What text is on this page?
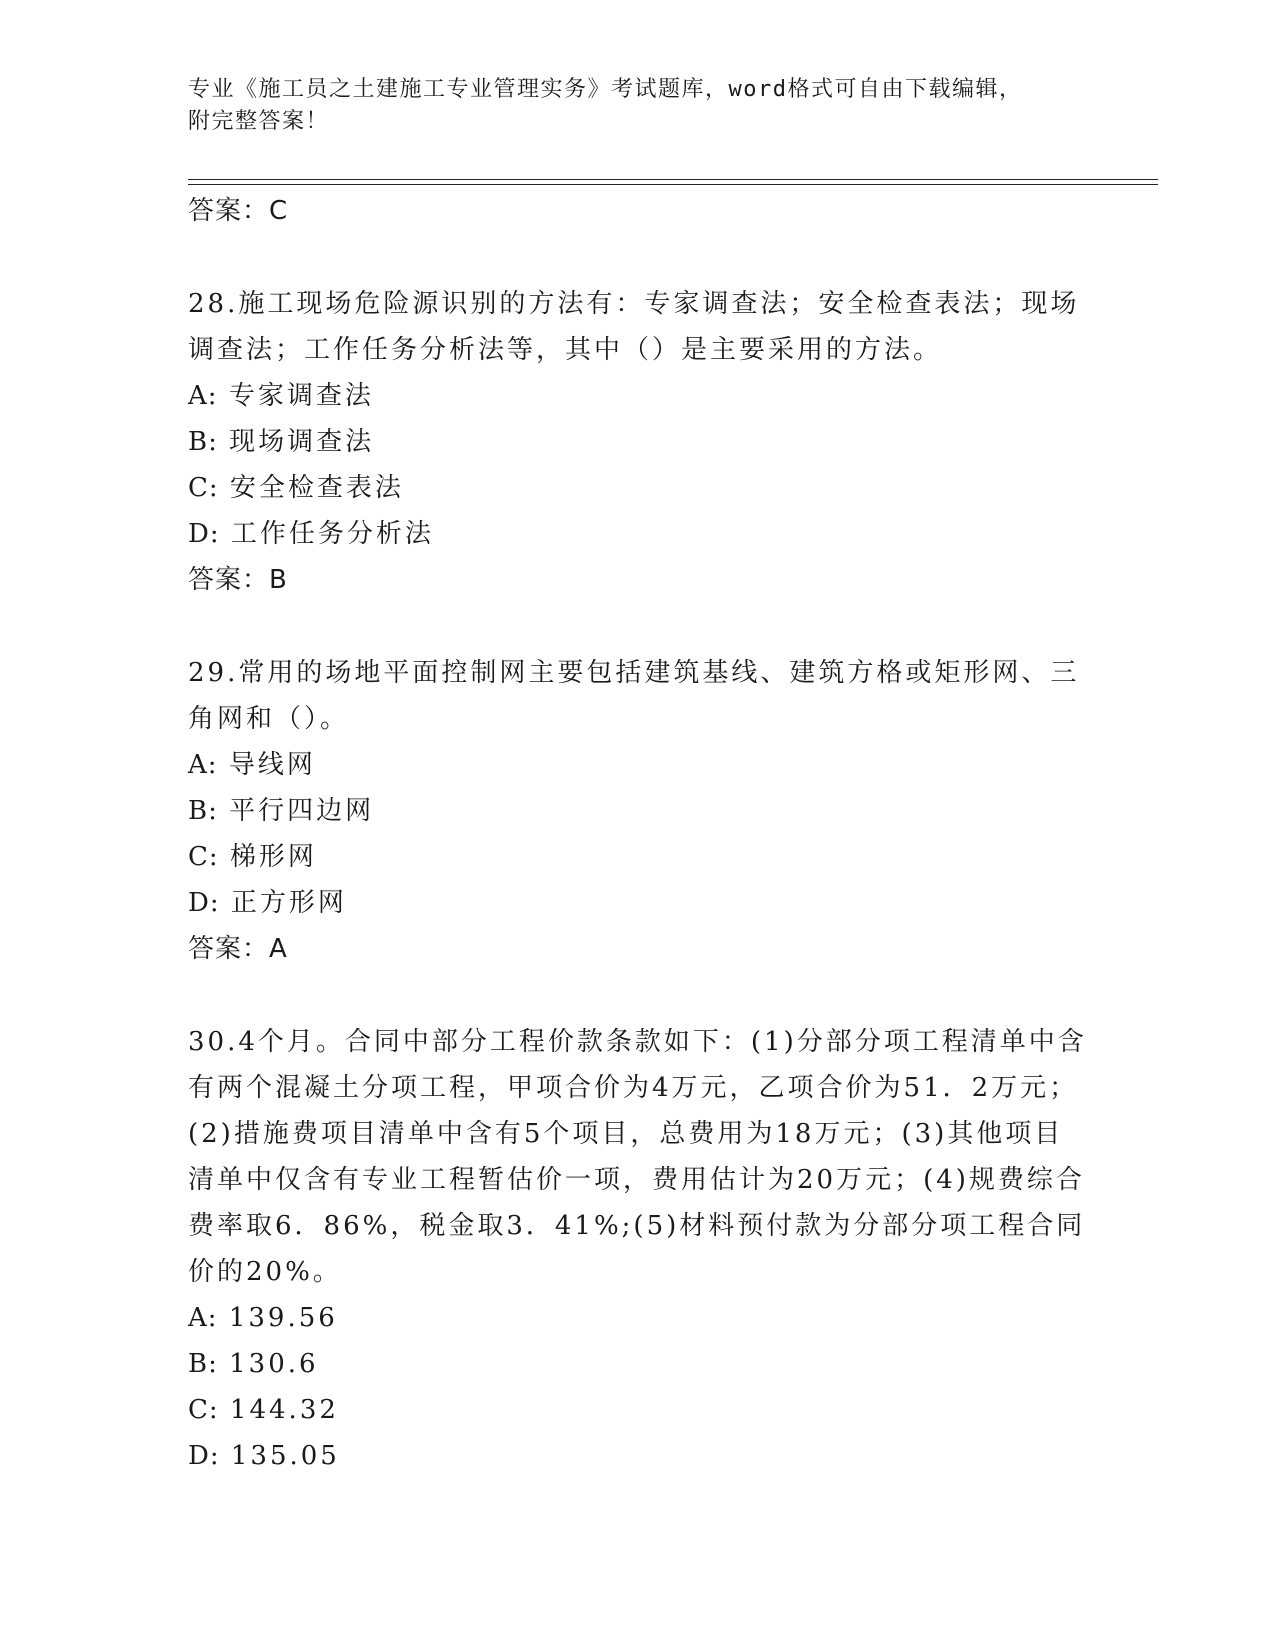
专业《施工员之土建施工专业管理实务》考试题库，word格式可自由下载编辑，
附完整答案！

答案：C

28.施工现场危险源识别的方法有：专家调查法；安全检查表法；现场调查法；工作任务分析法等，其中（）是主要采用的方法。

A: 专家调查法

B: 现场调查法

C: 安全检查表法

D: 工作任务分析法

答案：B

29.常用的场地平面控制网主要包括建筑基线、建筑方格或矩形网、三角网和（）。

A: 导线网

B: 平行四边网

C: 梯形网

D: 正方形网

答案：A

30.4个月。合同中部分工程价款条款如下：(1)分部分项工程清单中含有两个混凝土分项工程，甲项合价为4万元，乙项合价为51．2万元；(2)措施费项目清单中含有5个项目，总费用为18万元；(3)其他项目清单中仅含有专业工程暂估价一项，费用估计为20万元；(4)规费综合费率取6．86%，税金取3．41%;(5)材料预付款为分部分项工程合同价的20%。

A: 139.56

B: 130.6

C: 144.32

D: 135.05
